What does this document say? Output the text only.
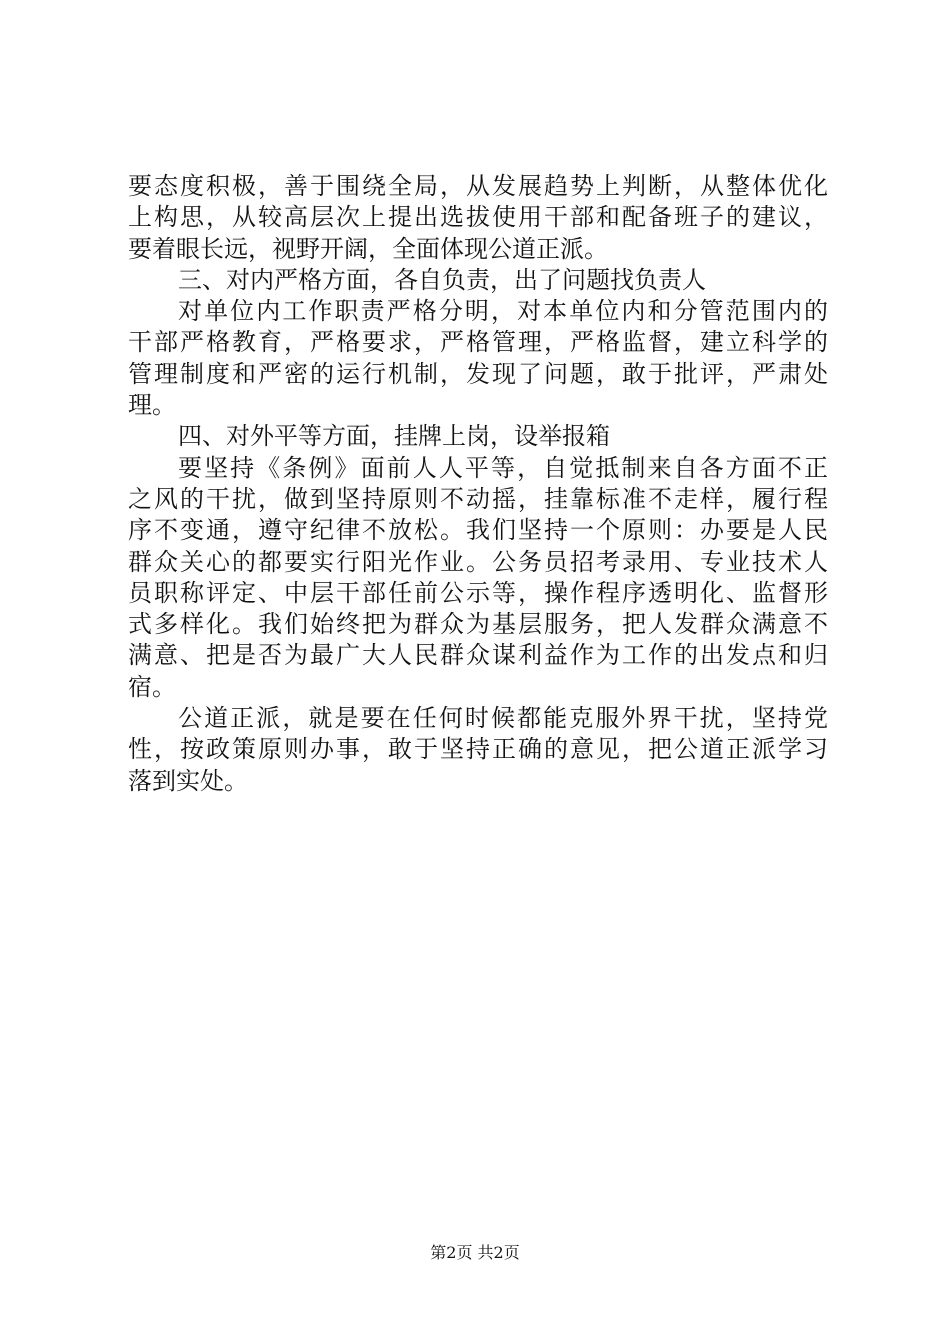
要态度积极，善于围绕全局，从发展趋势上判断，从整体优化
上构思，从较高层次上提出选拔使用干部和配备班子的建议，
要着眼长远，视野开阔，全面体现公道正派。
三、对内严格方面，各自负责，出了问题找负责人
对单位内工作职责严格分明，对本单位内和分管范围内的
干部严格教育，严格要求，严格管理，严格监督，建立科学的
管理制度和严密的运行机制，发现了问题，敢于批评，严肃处
理。
四、对外平等方面，挂牌上岗，设举报箱
要坚持《条例》面前人人平等，自觉抵制来自各方面不正
之风的干扰，做到坚持原则不动摇，挂靠标准不走样，履行程
序不变通，遵守纪律不放松。我们坚持一个原则：办要是人民
群众关心的都要实行阳光作业。公务员招考录用、专业技术人
员职称评定、中层干部任前公示等，操作程序透明化、监督形
式多样化。我们始终把为群众为基层服务，把人发群众满意不
满意、把是否为最广大人民群众谋利益作为工作的出发点和归
宿。
公道正派，就是要在任何时候都能克服外界干扰，坚持党
性，按政策原则办事，敢于坚持正确的意见，把公道正派学习
落到实处。
第2页 共2页
